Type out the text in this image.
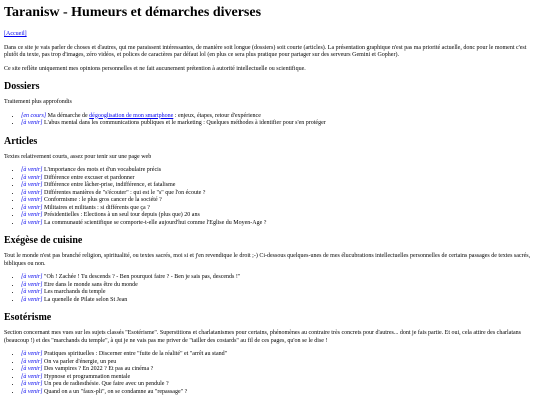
Taranisw - Humeurs et démarches diverses

[Accueil]

Dans ce site je vais parler de choses et d'autres, qui me paraissent intéressantes, de manière soit longue (dossiers) soit courte (articles). La présentation graphique n'est pas ma priorité actuelle, donc pour le moment c'est plutôt du texte, pas trop d'images, zéro vidéos, et polices de caractères par défaut lol (en plus ce sera plus pratique pour partager sur des serveurs Gemini et Gopher).

Ce site reflète uniquement mes opinions personnelles et ne fait aucunement prétention à autorité intellectuelle ou scientifique.

Dossiers

Traitement plus approfondis

• [en cours] Ma démarche de dégooglisation de mon smartphone : enjeux, étapes, retour d'expérience
• [à venir] L'abus mental dans les communications publiques et le marketing : Quelques méthodes à identifier pour s'en protéger
Articles

Textes relativement courts, assez pour tenir sur une page web

• [à venir] L'importance des mots et d'un vocabulaire précis
• [à venir] Différence entre excuser et pardonner
• [à venir] Différence entre lâcher-prise, indifférence, et fatalisme
• [à venir] Différentes manières de "s'écouter" : qui est le "s" que l'on écoute ?
• [à venir] Conformisme : le plus gros cancer de la société ?
• [à venir] Militaires et militants : si différents que ça ?
• [à venir] Présidentielles : Elections à un seul tour depuis (plus que) 20 ans
• [à venir] La communauté scientifique se comporte-t-elle aujourd'hui comme l'Eglise du Moyen-Age ?
Exégèse de cuisine

Tout le monde n'est pas branché religion, spiritualité, ou textes sacrés, moi si et j'en revendique le droit ;-) Ci-dessous quelques-unes de mes élucubrations intellectuelles personnelles de certains passages de textes sacrés, bibliques ou non.

• [à venir] "Oh ! Zachée ! Tu descends ? - Ben pourquoi faire ? - Ben je sais pas, descends !"
• [à venir] Etre dans le monde sans être du monde
• [à venir] Les marchands du temple
• [à venir] La quenelle de Pilate selon St Jean
Esotérisme

Section concernant mes vues sur les sujets classés "Esotérisme". Superstitions et charlatanismes pour certains, phénomènes au contraire très concrets pour d'autres... dont je fais partie. Et oui, cela attire des charlatans (beaucoup !) et des "marchands du temple", à qui je ne vais pas me priver de "tailler des costards" au fil de ces pages, qu'on se le dise !

• [à venir] Pratiques spirituelles : Discerner entre "fuite de la réalité" et "arrêt au stand"
• [à venir] On va parler d'énergie, un peu
• [à venir] Des vampires ? En 2022 ? Et pas au cinéma ?
• [à venir] Hypnose et programmation mentale
• [à venir] Un peu de radiesthésie. Que faire avec un pendule ?
• [à venir] Quand on a un "faux-pli", on se condamne au "repassage" ?
